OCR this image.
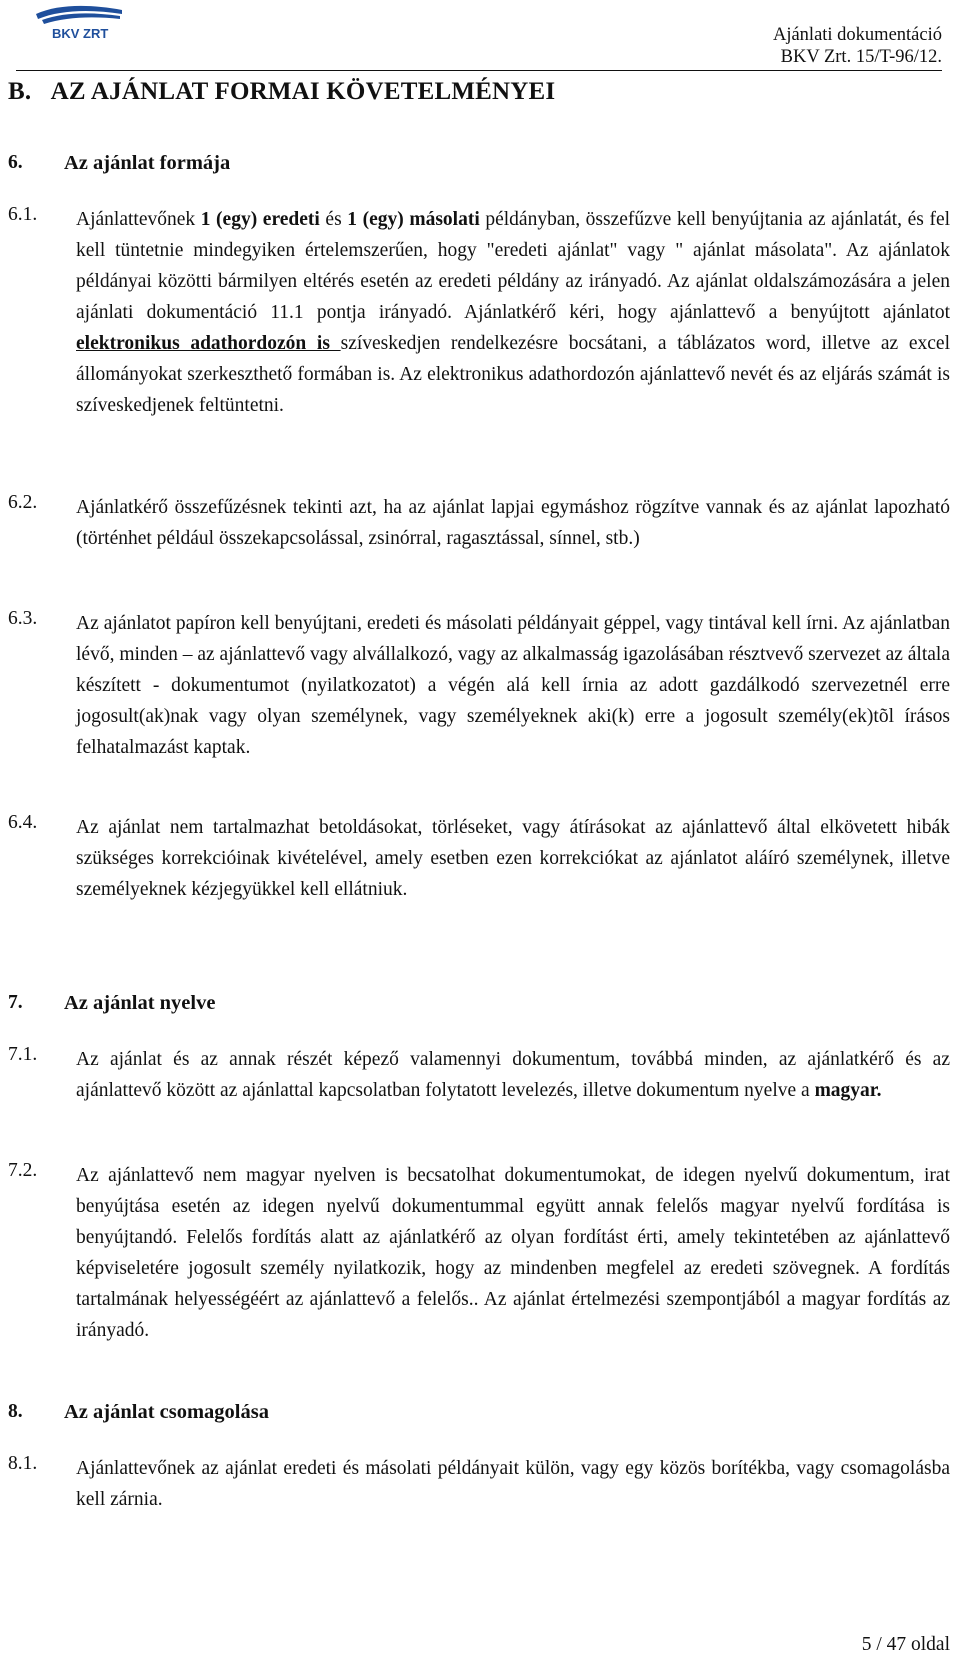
BKV ZRT	Ajánlati dokumentáció
BKV Zrt. 15/T-96/12.
B.   AZ AJÁNLAT FORMAI KÖVETELMÉNYEI
6. Az ajánlat formája
6.1. Ajánlattevőnek 1 (egy) eredeti és 1 (egy) másolati példányban, összefűzve kell benyújtania az ajánlatát, és fel kell tüntetnie mindegyiken értelemszerűen, hogy "eredeti ajánlat" vagy " ajánlat másolata". Az ajánlatok példányai közötti bármilyen eltérés esetén az eredeti példány az irányadó. Az ajánlat oldalszámozására a jelen ajánlati dokumentáció 11.1 pontja irányadó. Ajánlatkérő kéri, hogy ajánlattevő a benyújtott ajánlatot elektronikus adathordozón is szíveskedjen rendelkezésre bocsátani, a táblázatos word, illetve az excel állományokat szerkeszthető formában is. Az elektronikus adathordozón ajánlattevő nevét és az eljárás számát is szíveskedjenek feltüntetni.
6.2. Ajánlatkérő összefűzésnek tekinti azt, ha az ajánlat lapjai egymáshoz rögzítve vannak és az ajánlat lapozható (történhet például összekapcsolással, zsinórral, ragasztással, sínnel, stb.)
6.3. Az ajánlatot papíron kell benyújtani, eredeti és másolati példányait géppel, vagy tintával kell írni. Az ajánlatban lévő, minden – az ajánlattevő vagy alvállalkozó, vagy az alkalmasság igazolásában résztvevő szervezet az általa készített - dokumentumot (nyilatkozatot) a végén alá kell írnia az adott gazdálkodó szervezetnél erre jogosult(ak)nak vagy olyan személynek, vagy személyeknek aki(k) erre a jogosult személy(ek)tõl írásos felhatalmazást kaptak.
6.4. Az ajánlat nem tartalmazhat betoldásokat, törléseket, vagy átírásokat az ajánlattevő által elkövetett hibák szükséges korrekcióinak kivételével, amely esetben ezen korrekciókat az ajánlatot aláíró személynek, illetve személyeknek kézjegyükkel kell ellátniuk.
7. Az ajánlat nyelve
7.1. Az ajánlat és az annak részét képező valamennyi dokumentum, továbbá minden, az ajánlatkérő és az ajánlattevő között az ajánlattal kapcsolatban folytatott levelezés, illetve dokumentum nyelve a magyar.
7.2. Az ajánlattevő nem magyar nyelven is becsatolhat dokumentumokat, de idegen nyelvű dokumentum, irat benyújtása esetén az idegen nyelvű dokumentummal együtt annak felelős magyar nyelvű fordítása is benyújtandó. Felelős fordítás alatt az ajánlatkérő az olyan fordítást érti, amely tekintetében az ajánlattevő képviseletére jogosult személy nyilatkozik, hogy az mindenben megfelel az eredeti szövegnek. A fordítás tartalmának helyességéért az ajánlattevő a felelős.. Az ajánlat értelmezési szempontjából a magyar fordítás az irányadó.
8. Az ajánlat csomagolása
8.1. Ajánlattevőnek az ajánlat eredeti és másolati példányait külön, vagy egy közös borítékba, vagy csomagolásba kell zárnia.
5 / 47 oldal
